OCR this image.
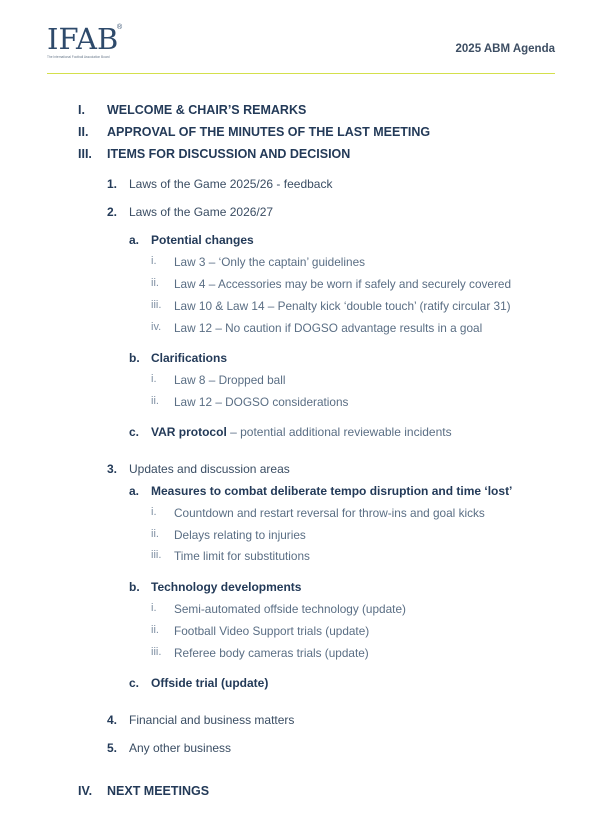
IFAB
®
The International Football Association Board
2025 ABM Agenda
I. WELCOME & CHAIR’S REMARKS
II. APPROVAL OF THE MINUTES OF THE LAST MEETING
III. ITEMS FOR DISCUSSION AND DECISION
1. Laws of the Game 2025/26 - feedback
2. Laws of the Game 2026/27
a. Potential changes
i. Law 3 – ‘Only the captain’ guidelines
ii. Law 4 – Accessories may be worn if safely and securely covered
iii. Law 10 & Law 14 – Penalty kick ‘double touch’ (ratify circular 31)
iv. Law 12 – No caution if DOGSO advantage results in a goal
b. Clarifications
i. Law 8 – Dropped ball
ii. Law 12 – DOGSO considerations
c. VAR protocol – potential additional reviewable incidents
3. Updates and discussion areas
a. Measures to combat deliberate tempo disruption and time ‘lost’
i. Countdown and restart reversal for throw-ins and goal kicks
ii. Delays relating to injuries
iii. Time limit for substitutions
b. Technology developments
i. Semi-automated offside technology (update)
ii. Football Video Support trials (update)
iii. Referee body cameras trials (update)
c. Offside trial (update)
4. Financial and business matters
5. Any other business
IV. NEXT MEETINGS
